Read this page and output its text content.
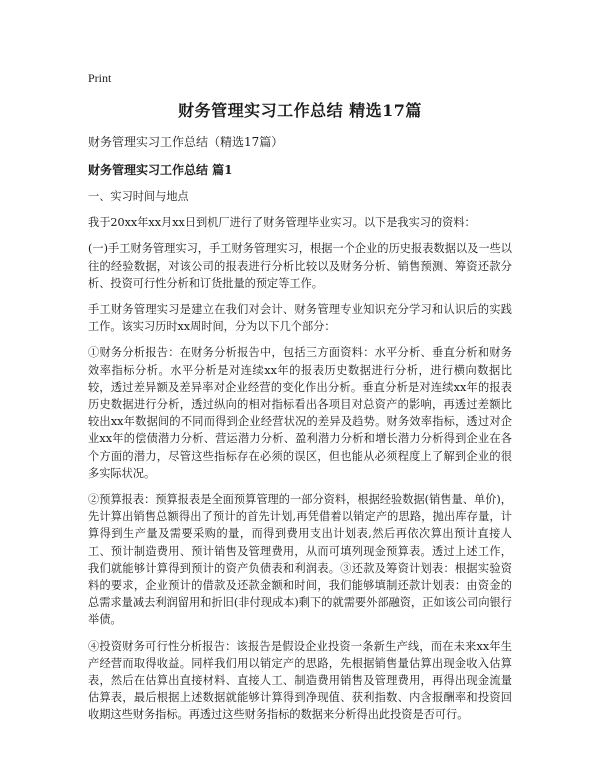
Print
财务管理实习工作总结 精选17篇
财务管理实习工作总结（精选17篇）
财务管理实习工作总结 篇1

一、实习时间与地点

我于20xx年xx月xx日到机厂进行了财务管理毕业实习。以下是我实习的资料：

(一)手工财务管理实习，手工财务管理实习，根据一个企业的历史报表数据以及一些以往的经验数据，对该公司的报表进行分析比较以及财务分析、销售预测、筹资还款分析、投资可行性分析和订货批量的预定等工作。

手工财务管理实习是建立在我们对会计、财务管理专业知识充分学习和认识后的实践工作。该实习历时xx周时间，分为以下几个部分：

①财务分析报告：在财务分析报告中，包括三方面资料：水平分析、垂直分析和财务效率指标分析。水平分析是对连续xx年的报表历史数据进行分析，进行横向数据比较，透过差异额及差异率对企业经营的变化作出分析。垂直分析是对连续xx年的报表历史数据进行分析，透过纵向的相对指标看出各项目对总资产的影响，再透过差额比较出xx年数据间的不同而得到企业经营状况的差异及趋势。财务效率指标，透过对企业xx年的偿债潜力分析、营运潜力分析、盈利潜力分析和增长潜力分析得到企业在各个方面的潜力，尽管这些指标存在必须的误区，但也能从必须程度上了解到企业的很多实际状况。

②预算报表：预算报表是全面预算管理的一部分资料，根据经验数据(销售量、单价)，先计算出销售总额得出了预计的首先计划,再凭借着以销定产的思路，抛出库存量，计算得到生产量及需要采购的量，而得到费用支出计划表,然后再依次算出预计直接人工、预计制造费用、预计销售及管理费用，从而可填列现金预算表。透过上述工作，我们就能够计算得到预计的资产负债表和利润表。③还款及筹资计划表：根据实验资料的要求，企业预计的借款及还款金额和时间，我们能够填制还款计划表：由资金的总需求量减去利润留用和折旧(非付现成本)剩下的就需要外部融资，正如该公司向银行举债。

④投资财务可行性分析报告：该报告是假设企业投资一条新生产线，而在未来xx年生产经营而取得收益。同样我们用以销定产的思路，先根据销售量估算出现金收入估算表，然后在估算出直接材料、直接人工、制造费用销售及管理费用，再得出现金流量估算表，最后根据上述数据就能够计算得到净现值、获利指数、内含报酬率和投资回收期这些财务指标。再透过这些财务指标的数据来分析得出此投资是否可行。
